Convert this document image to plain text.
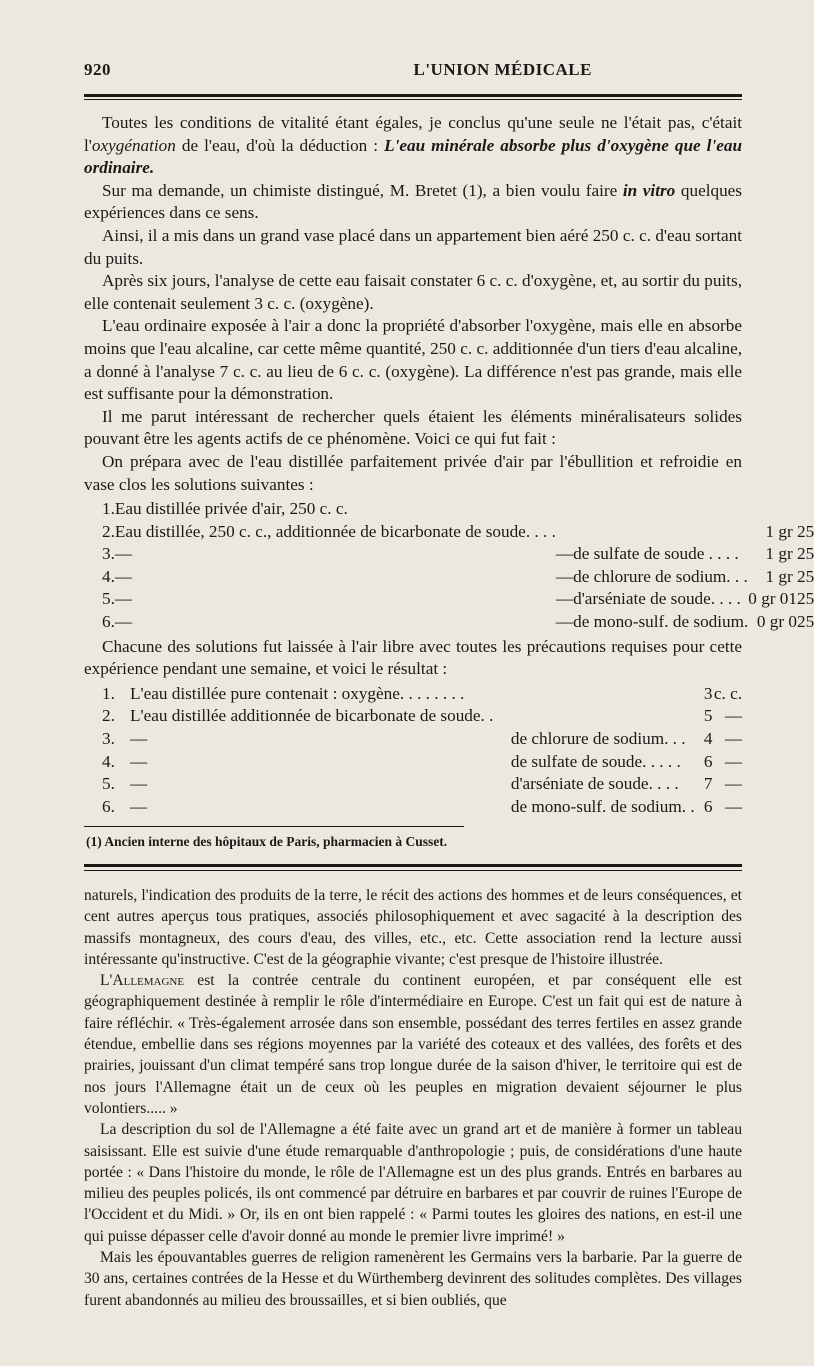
920	L'UNION MÉDICALE

Toutes les conditions de vitalité étant égales, je conclus qu'une seule ne l'était pas, c'était l'oxygénation de l'eau, d'où la déduction : L'eau minérale absorbe plus d'oxygène que l'eau ordinaire.

Sur ma demande, un chimiste distingué, M. Bretet (1), a bien voulu faire in vitro quelques expériences dans ce sens.

Ainsi, il a mis dans un grand vase placé dans un appartement bien aéré 250 c. c. d'eau sortant du puits.

Après six jours, l'analyse de cette eau faisait constater 6 c. c. d'oxygène, et, au sortir du puits, elle contenait seulement 3 c. c. (oxygène).

L'eau ordinaire exposée à l'air a donc la propriété d'absorber l'oxygène, mais elle en absorbe moins que l'eau alcaline, car cette même quantité, 250 c. c. additionnée d'un tiers d'eau alcaline, a donné à l'analyse 7 c. c. au lieu de 6 c. c. (oxygène). La différence n'est pas grande, mais elle est suffisante pour la démonstration.

Il me parut intéressant de rechercher quels étaient les éléments minéralisateurs solides pouvant être les agents actifs de ce phénomène. Voici ce qui fut fait :

On prépara avec de l'eau distillée parfaitement privée d'air par l'ébullition et refroidie en vase clos les solutions suivantes :

1.	Eau distillée privée d'air, 250 c. c.			
2.	Eau distillée, 250 c. c., additionnée de bicarbonate de soude. . . .			1 gr 25
3.	—	—	de sulfate de soude . . . .	1 gr 25
4.	—	—	de chlorure de sodium. . .	1 gr 25
5.	—	—	d'arséniate de soude. . . .	0 gr 0125
6.	—	—	de mono-sulf. de sodium.	0 gr 025

Chacune des solutions fut laissée à l'air libre avec toutes les précautions requises pour cette expérience pendant une semaine, et voici le résultat :

1.	L'eau distillée pure contenait : oxygène. . . . . . . .		3	c. c.
2.	L'eau distillée additionnée de bicarbonate de soude. .		5	—
3.	—	de chlorure de sodium. . .	4	—
4.	—	de sulfate de soude. . . . .	6	—
5.	—	d'arséniate de soude. . . .	7	—
6.	—	de mono-sulf. de sodium. .	6	—
(1) Ancien interne des hôpitaux de Paris, pharmacien à Cusset.

naturels, l'indication des produits de la terre, le récit des actions des hommes et de leurs conséquences, et cent autres aperçus tous pratiques, associés philosophiquement et avec sagacité à la description des massifs montagneux, des cours d'eau, des villes, etc., etc. Cette association rend la lecture aussi intéressante qu'instructive. C'est de la géographie vivante; c'est presque de l'histoire illustrée.

L'Allemagne est la contrée centrale du continent européen, et par conséquent elle est géographiquement destinée à remplir le rôle d'intermédiaire en Europe. C'est un fait qui est de nature à faire réfléchir. « Très-également arrosée dans son ensemble, possédant des terres fertiles en assez grande étendue, embellie dans ses régions moyennes par la variété des coteaux et des vallées, des forêts et des prairies, jouissant d'un climat tempéré sans trop longue durée de la saison d'hiver, le territoire qui est de nos jours l'Allemagne était un de ceux où les peuples en migration devaient séjourner le plus volontiers..... »

La description du sol de l'Allemagne a été faite avec un grand art et de manière à former un tableau saisissant. Elle est suivie d'une étude remarquable d'anthropologie ; puis, de considérations d'une haute portée : « Dans l'histoire du monde, le rôle de l'Allemagne est un des plus grands. Entrés en barbares au milieu des peuples policés, ils ont commencé par détruire en barbares et par couvrir de ruines l'Europe de l'Occident et du Midi. » Or, ils en ont bien rappelé : « Parmi toutes les gloires des nations, en est-il une qui puisse dépasser celle d'avoir donné au monde le premier livre imprimé! »

Mais les épouvantables guerres de religion ramenèrent les Germains vers la barbarie. Par la guerre de 30 ans, certaines contrées de la Hesse et du Würthemberg devinrent des solitudes complètes. Des villages furent abandonnés au milieu des broussailles, et si bien oubliés, que
